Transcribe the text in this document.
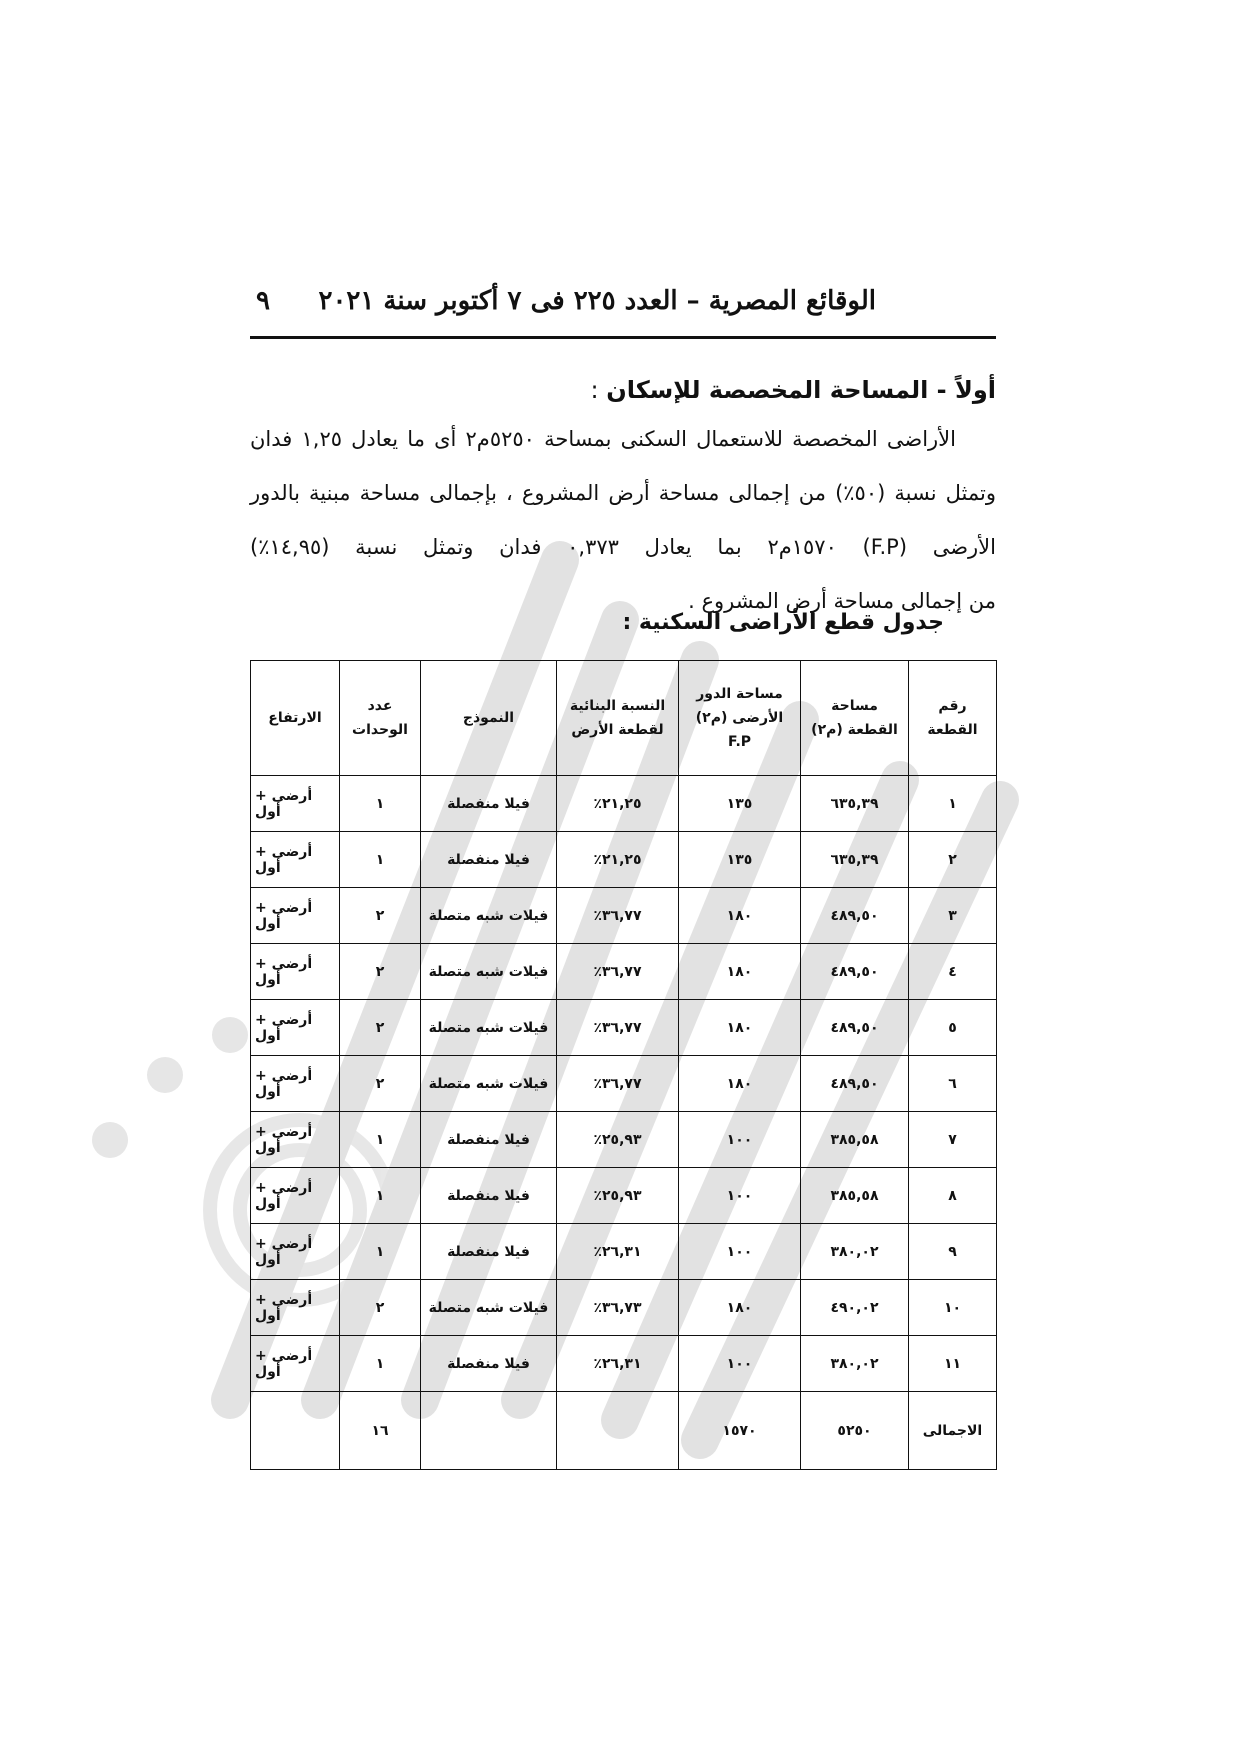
الوقائع المصرية – العدد ٢٢٥ فى ٧ أكتوبر سنة ٢٠٢١
٩
أولاً - المساحة المخصصة للإسكان :

الأراضى المخصصة للاستعمال السكنى بمساحة ٥٢٥٠م٢ أى ما يعادل ١,٢٥ فدان

وتمثل نسبة (٥٠٪) من إجمالى مساحة أرض المشروع ، بإجمالى مساحة مبنية بالدور

الأرضى (F.P) ١٥٧٠م٢ بما يعادل ٠,٣٧٣ فدان وتمثل نسبة (١٤,٩٥٪)

من إجمالى مساحة أرض المشروع .

جدول قطع الأراضى السكنية :
رقم القطعة	مساحة القطعة (م٢)	مساحة الدور الأرضى (م٢) F.P	النسبة البنائية لقطعة الأرض	النموذج	عدد الوحدات	الارتفاع
١	٦٣٥,٣٩	١٣٥	٢١,٢٥٪	فيلا منفصلة	١	أرضى + أول
٢	٦٣٥,٣٩	١٣٥	٢١,٢٥٪	فيلا منفصلة	١	أرضى + أول
٣	٤٨٩,٥٠	١٨٠	٣٦,٧٧٪	فيلات شبه متصلة	٢	أرضى + أول
٤	٤٨٩,٥٠	١٨٠	٣٦,٧٧٪	فيلات شبه متصلة	٢	أرضى + أول
٥	٤٨٩,٥٠	١٨٠	٣٦,٧٧٪	فيلات شبه متصلة	٢	أرضى + أول
٦	٤٨٩,٥٠	١٨٠	٣٦,٧٧٪	فيلات شبه متصلة	٢	أرضى + أول
٧	٣٨٥,٥٨	١٠٠	٢٥,٩٣٪	فيلا منفصلة	١	أرضى + أول
٨	٣٨٥,٥٨	١٠٠	٢٥,٩٣٪	فيلا منفصلة	١	أرضى + أول
٩	٣٨٠,٠٢	١٠٠	٢٦,٣١٪	فيلا منفصلة	١	أرضى + أول
١٠	٤٩٠,٠٢	١٨٠	٣٦,٧٣٪	فيلات شبه متصلة	٢	أرضى + أول
١١	٣٨٠,٠٢	١٠٠	٢٦,٣١٪	فيلا منفصلة	١	أرضى + أول
الاجمالى	٥٢٥٠	١٥٧٠			١٦	
